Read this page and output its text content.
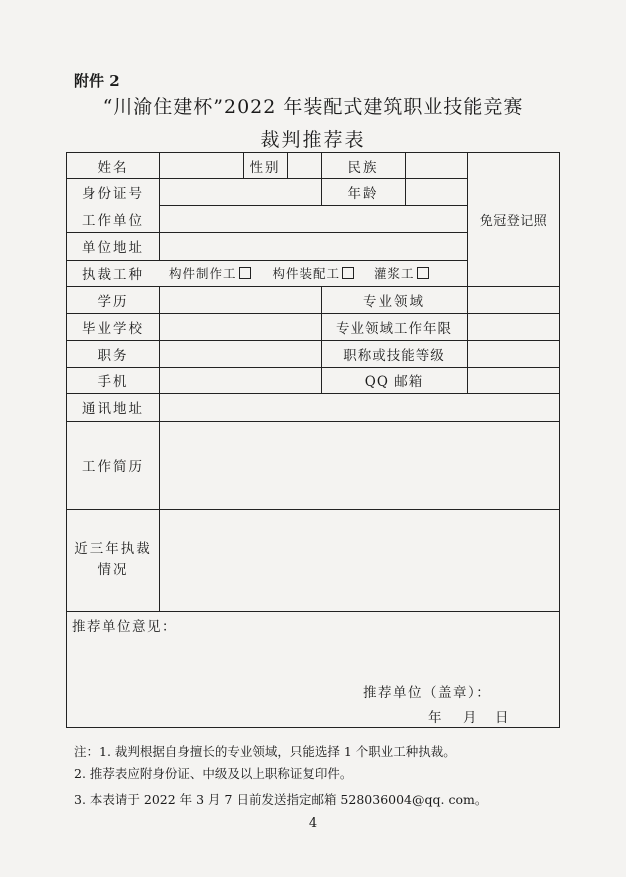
附件 2
“川渝住建杯”2022 年装配式建筑职业技能竞赛
裁判推荐表
姓名	性别	民族
身份证号	年龄
免冠登记照
工作单位
单位地址
执裁工种	构件制作工	构件装配工	灌浆工
学历	专业领域
毕业学校	专业领域工作年限
职务	职称或技能等级
手机	QQ 邮箱
通讯地址
工作简历
近三年执裁
情况
推荐单位意见：
推荐单位（盖章）：
年 月 日
注：1. 裁判根据自身擅长的专业领域，只能选择 1 个职业工种执裁。
2. 推荐表应附身份证、中级及以上职称证复印件。
3. 本表请于 2022 年 3 月 7 日前发送指定邮箱 528036004@qq. com。
4
